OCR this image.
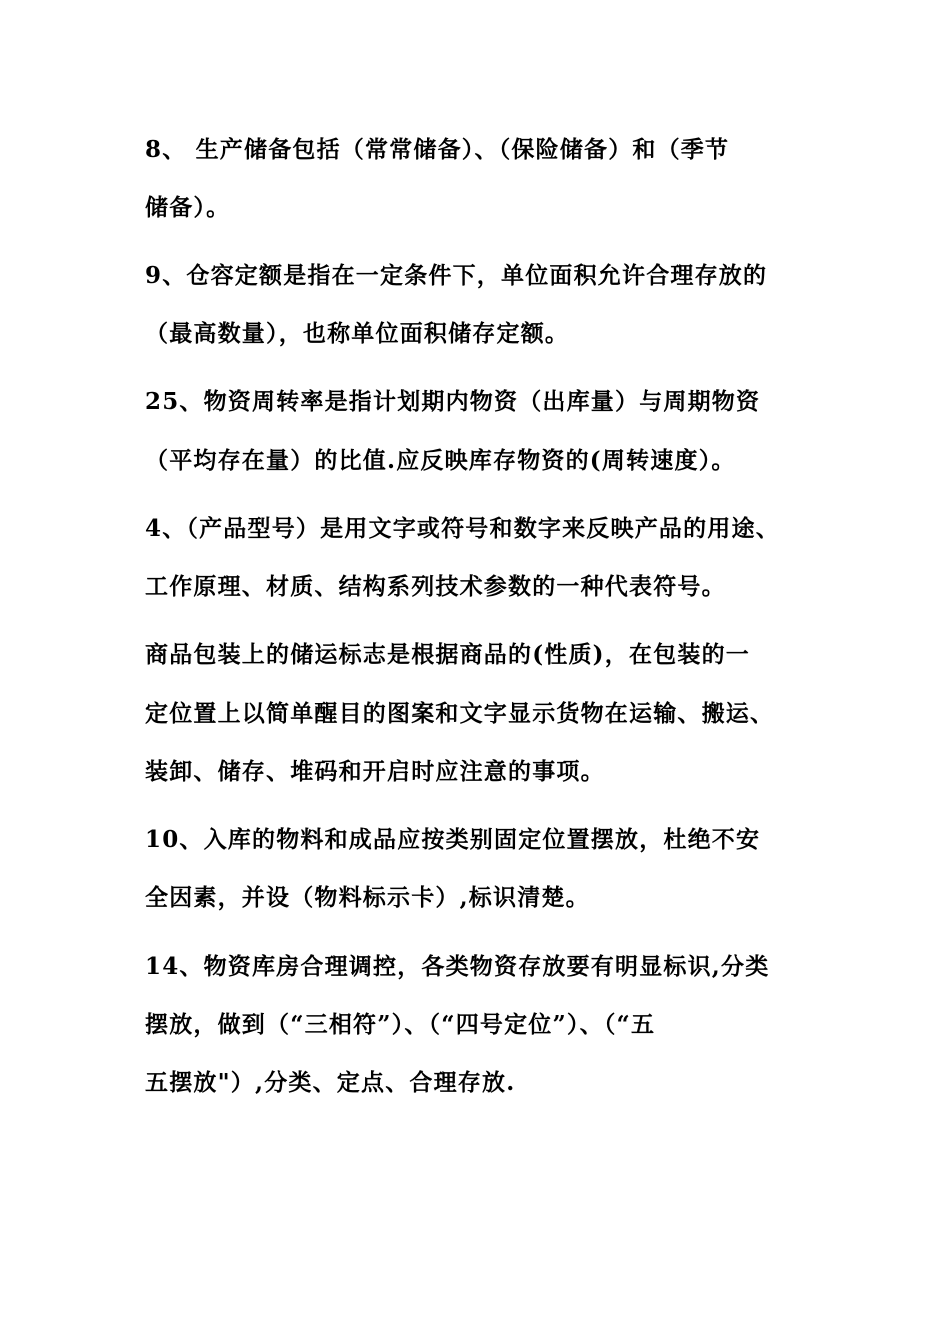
8、 生产储备包括（常常储备）、（保险储备）和（季节
储备）。
9、仓容定额是指在一定条件下，单位面积允许合理存放的
（最高数量），也称单位面积储存定额。
25、物资周转率是指计划期内物资（出库量）与周期物资
（平均存在量）的比值.应反映库存物资的(周转速度）。
4、（产品型号）是用文字或符号和数字来反映产品的用途、
工作原理、材质、结构系列技术参数的一种代表符号。
商品包装上的储运标志是根据商品的(性质)，在包装的一
定位置上以简单醒目的图案和文字显示货物在运输、搬运、
装卸、储存、堆码和开启时应注意的事项。
10、入库的物料和成品应按类别固定位置摆放，杜绝不安
全因素，并设（物料标示卡）,标识清楚。
14、物资库房合理调控，各类物资存放要有明显标识,分类
摆放，做到（“三相符”）、（“四号定位”）、（“五
五摆放"）,分类、定点、合理存放.
